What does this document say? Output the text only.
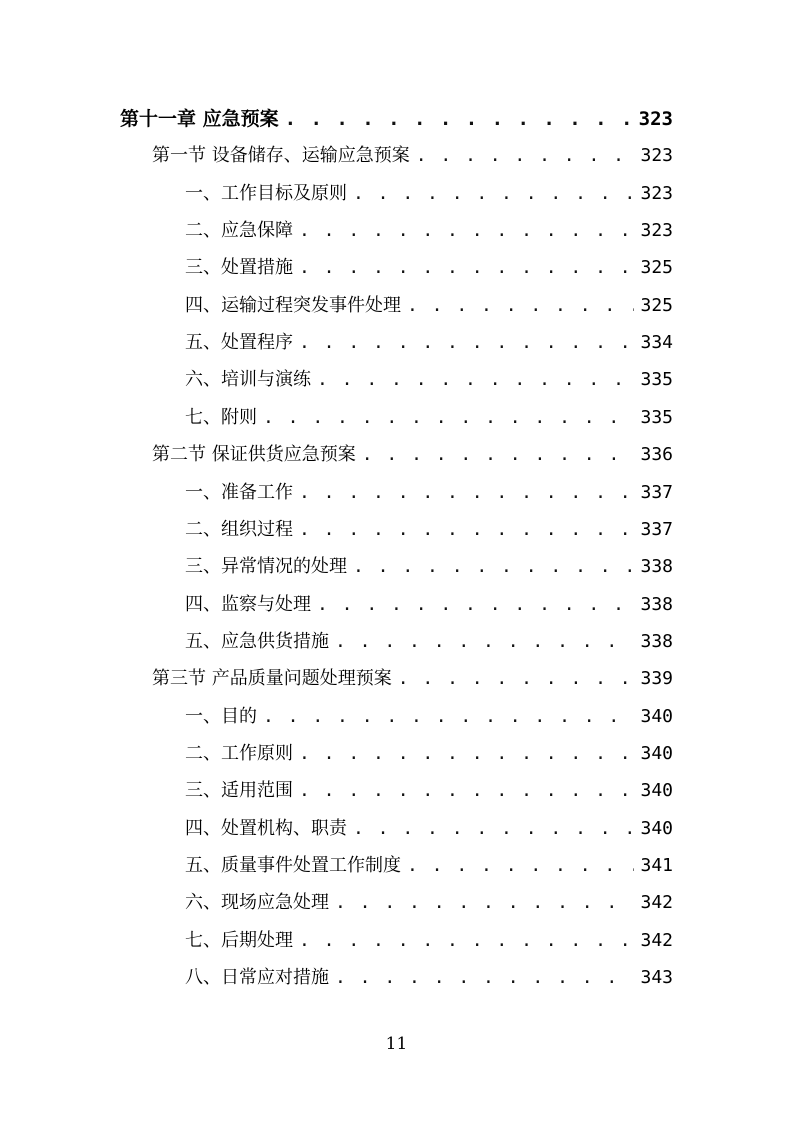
第十一章 应急预案 . . .	323
第一节 设备储存、运输应急预案 . . .	323
一、工作目标及原则 . . .	323
二、应急保障 . . .	323
三、处置措施 . . .	325
四、运输过程突发事件处理 . . .	325
五、处置程序 . . .	334
六、培训与演练 . . .	335
七、附则 . . .	335
第二节 保证供货应急预案 . . .	336
一、准备工作 . . .	337
二、组织过程 . . .	337
三、异常情况的处理 . . .	338
四、监察与处理 . . .	338
五、应急供货措施 . . .	338
第三节 产品质量问题处理预案 . . .	339
一、目的 . . .	340
二、工作原则 . . .	340
三、适用范围 . . .	340
四、处置机构、职责 . . .	340
五、质量事件处置工作制度 . . .	341
六、现场应急处理 . . .	342
七、后期处理 . . .	342
八、日常应对措施 . . .	343
11
